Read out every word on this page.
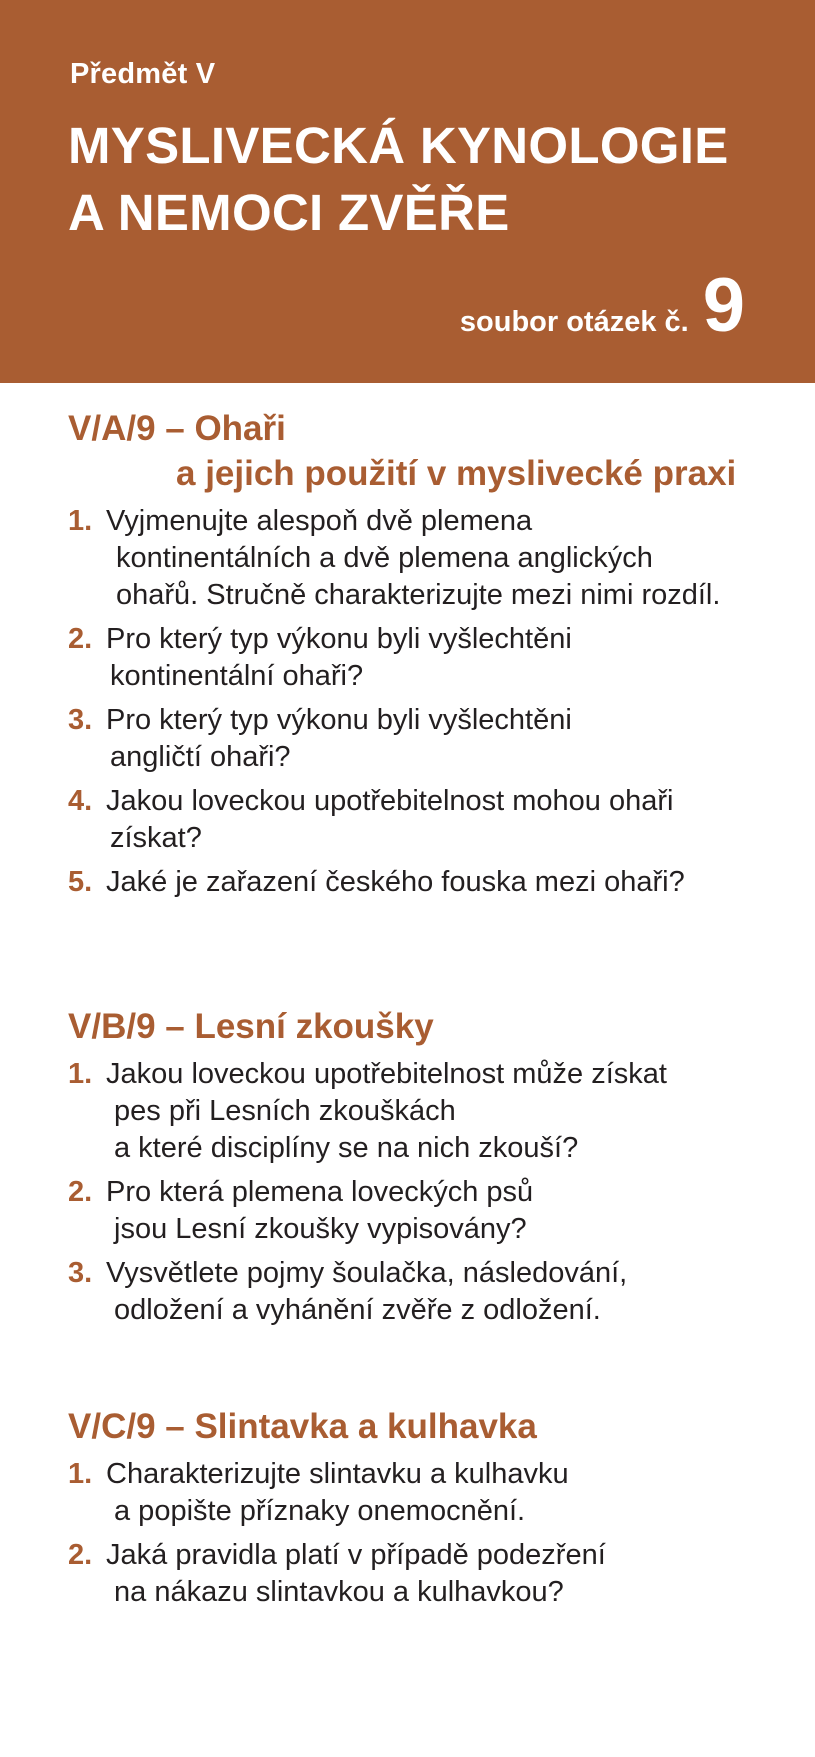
Předmět V
MYSLIVECKÁ KYNOLOGIE
A NEMOCI ZVĚŘE
soubor otázek č. 9
V/A/9 – Ohaři
a jejich použití v myslivecké praxi
1. Vyjmenujte alespoň dvě plemena
kontinentálních a dvě plemena anglických
ohařů. Stručně charakterizujte mezi nimi rozdíl.
2. Pro který typ výkonu byli vyšlechtěni
kontinentální ohaři?
3. Pro který typ výkonu byli vyšlechtěni
angličtí ohaři?
4. Jakou loveckou upotřebitelnost mohou ohaři
získat?
5. Jaké je zařazení českého fouska mezi ohaři?
V/B/9 – Lesní zkoušky
1. Jakou loveckou upotřebitelnost může získat
pes při Lesních zkouškách
a které disciplíny se na nich zkouší?
2. Pro která plemena loveckých psů
jsou Lesní zkoušky vypisovány?
3. Vysvětlete pojmy šoulačka, následování,
odložení a vyhánění zvěře z odložení.
V/C/9 – Slintavka a kulhavka
1. Charakterizujte slintavku a kulhavku
a popište příznaky onemocnění.
2. Jaká pravidla platí v případě podezření
na nákazu slintavkou a kulhavkou?
